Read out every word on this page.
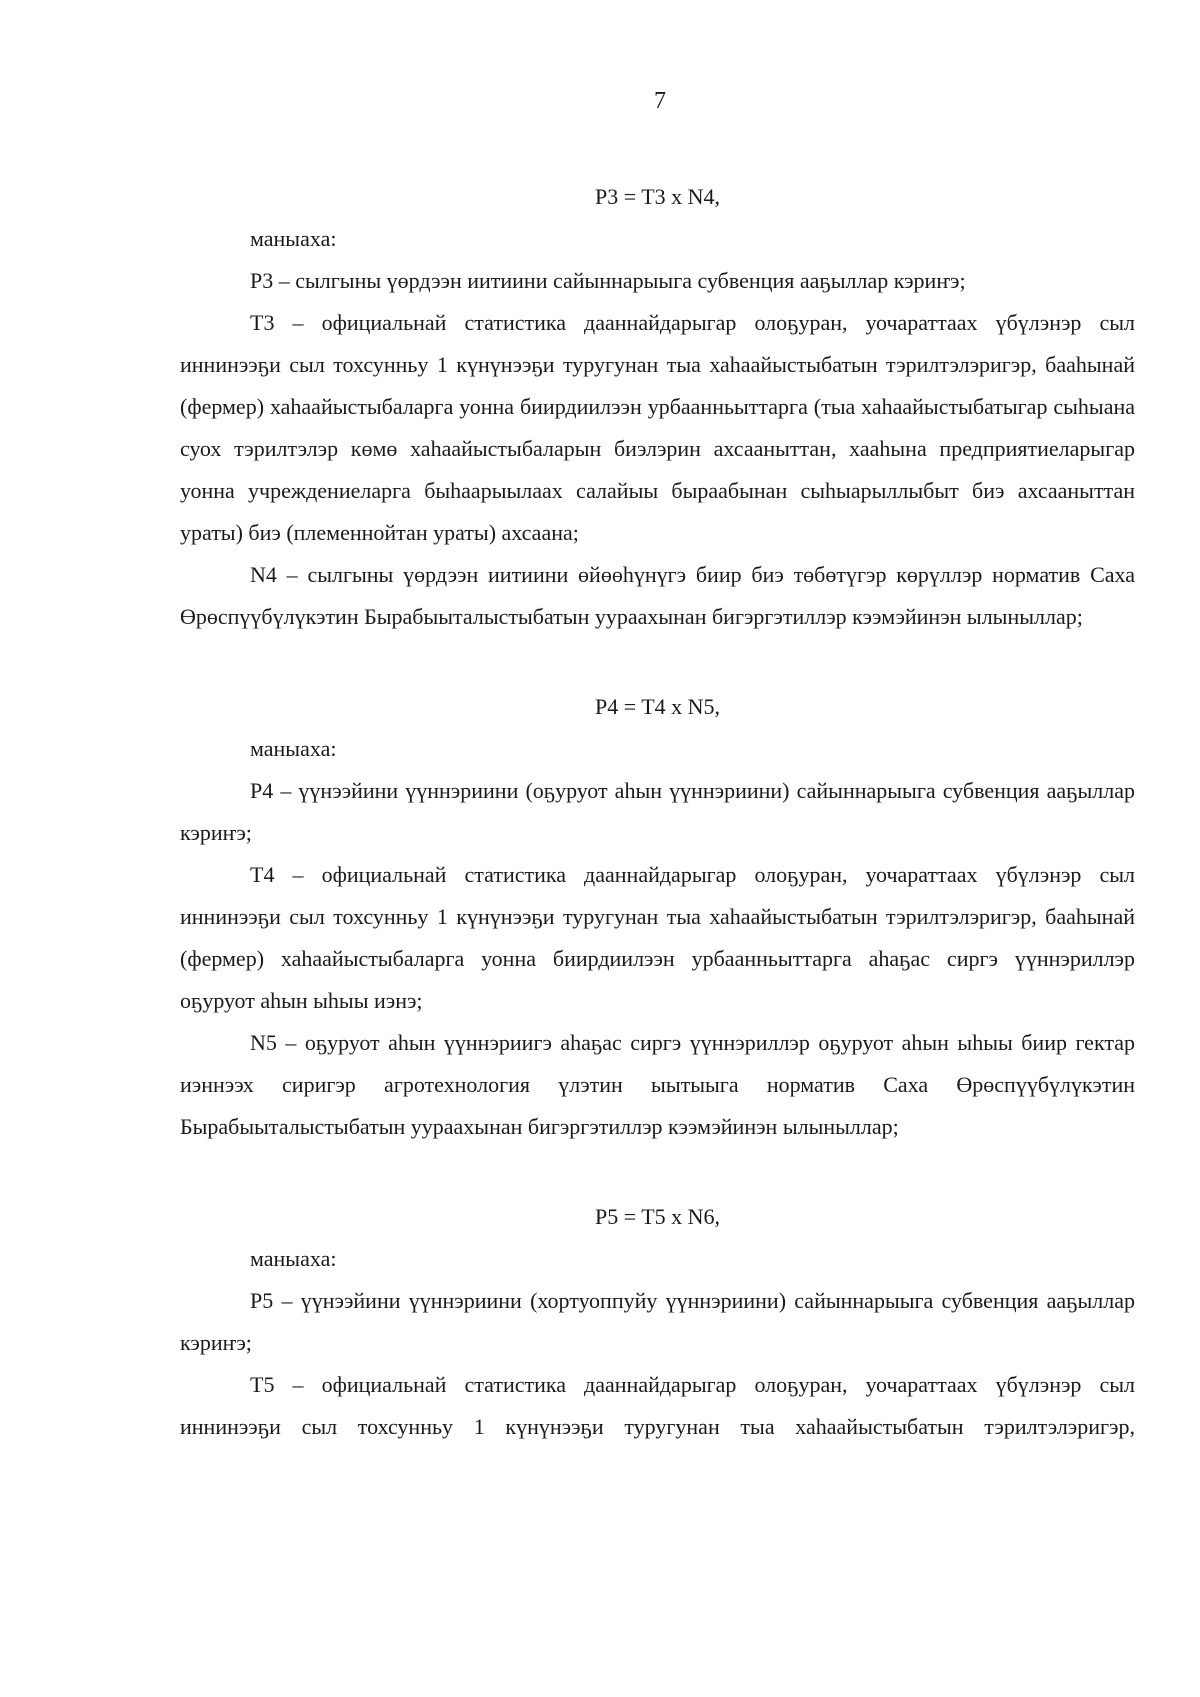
7

P3 = T3 x N4,

маныаха:

P3 – сылгыны үөрдээн иитиини сайыннарыыга субвенция ааҕыллар кэриҥэ;

T3 – официальнай статистика дааннайдарыгар олоҕуран, уочараттаах үбүлэнэр сыл иннинээҕи сыл тохсунньу 1 күнүнээҕи туругунан тыа хаһаайыстыбатын тэрилтэлэригэр, бааһынай (фермер) хаһаайыстыбаларга уонна биирдиилээн урбаанньыттарга (тыа хаһаайыстыбатыгар сыһыана суох тэрилтэлэр көмө хаһаайыстыбаларын биэлэрин ахсааныттан, хааһына предприятиеларыгар уонна учреждениеларга быһаарыылаах салайыы быраабынан сыһыарыллыбыт биэ ахсааныттан ураты) биэ (племеннойтан ураты) ахсаана;

N4 – сылгыны үөрдээн иитиини өйөөһүнүгэ биир биэ төбөтүгэр көрүллэр норматив Саха Өрөспүүбүлүкэтин Бырабыыталыстыбатын уураахынан бигэргэтиллэр кээмэйинэн ылыныллар;

P4 = T4 x N5,

маныаха:

P4 – үүнээйини үүннэриини (оҕуруот аһын үүннэриини) сайыннарыыга субвенция ааҕыллар кэриҥэ;

T4 – официальнай статистика дааннайдарыгар олоҕуран, уочараттаах үбүлэнэр сыл иннинээҕи сыл тохсунньу 1 күнүнээҕи туругунан тыа хаһаайыстыбатын тэрилтэлэригэр, бааһынай (фермер) хаһаайыстыбаларга уонна биирдиилээн урбаанньыттарга аһаҕас сиргэ үүннэриллэр оҕуруот аһын ыһыы иэнэ;

N5 – оҕуруот аһын үүннэриигэ аһаҕас сиргэ үүннэриллэр оҕуруот аһын ыһыы биир гектар иэннээх сиригэр агротехнология үлэтин ыытыыга норматив Саха Өрөспүүбүлүкэтин Бырабыыталыстыбатын уураахынан бигэргэтиллэр кээмэйинэн ылыныллар;

P5 = T5 x N6,

маныаха:

P5 – үүнээйини үүннэриини (хортуоппуйу үүннэриини) сайыннарыыга субвенция ааҕыллар кэриҥэ;

T5 – официальнай статистика дааннайдарыгар олоҕуран, уочараттаах үбүлэнэр сыл иннинээҕи сыл тохсунньу 1 күнүнээҕи туругунан тыа хаһаайыстыбатын тэрилтэлэригэр,
